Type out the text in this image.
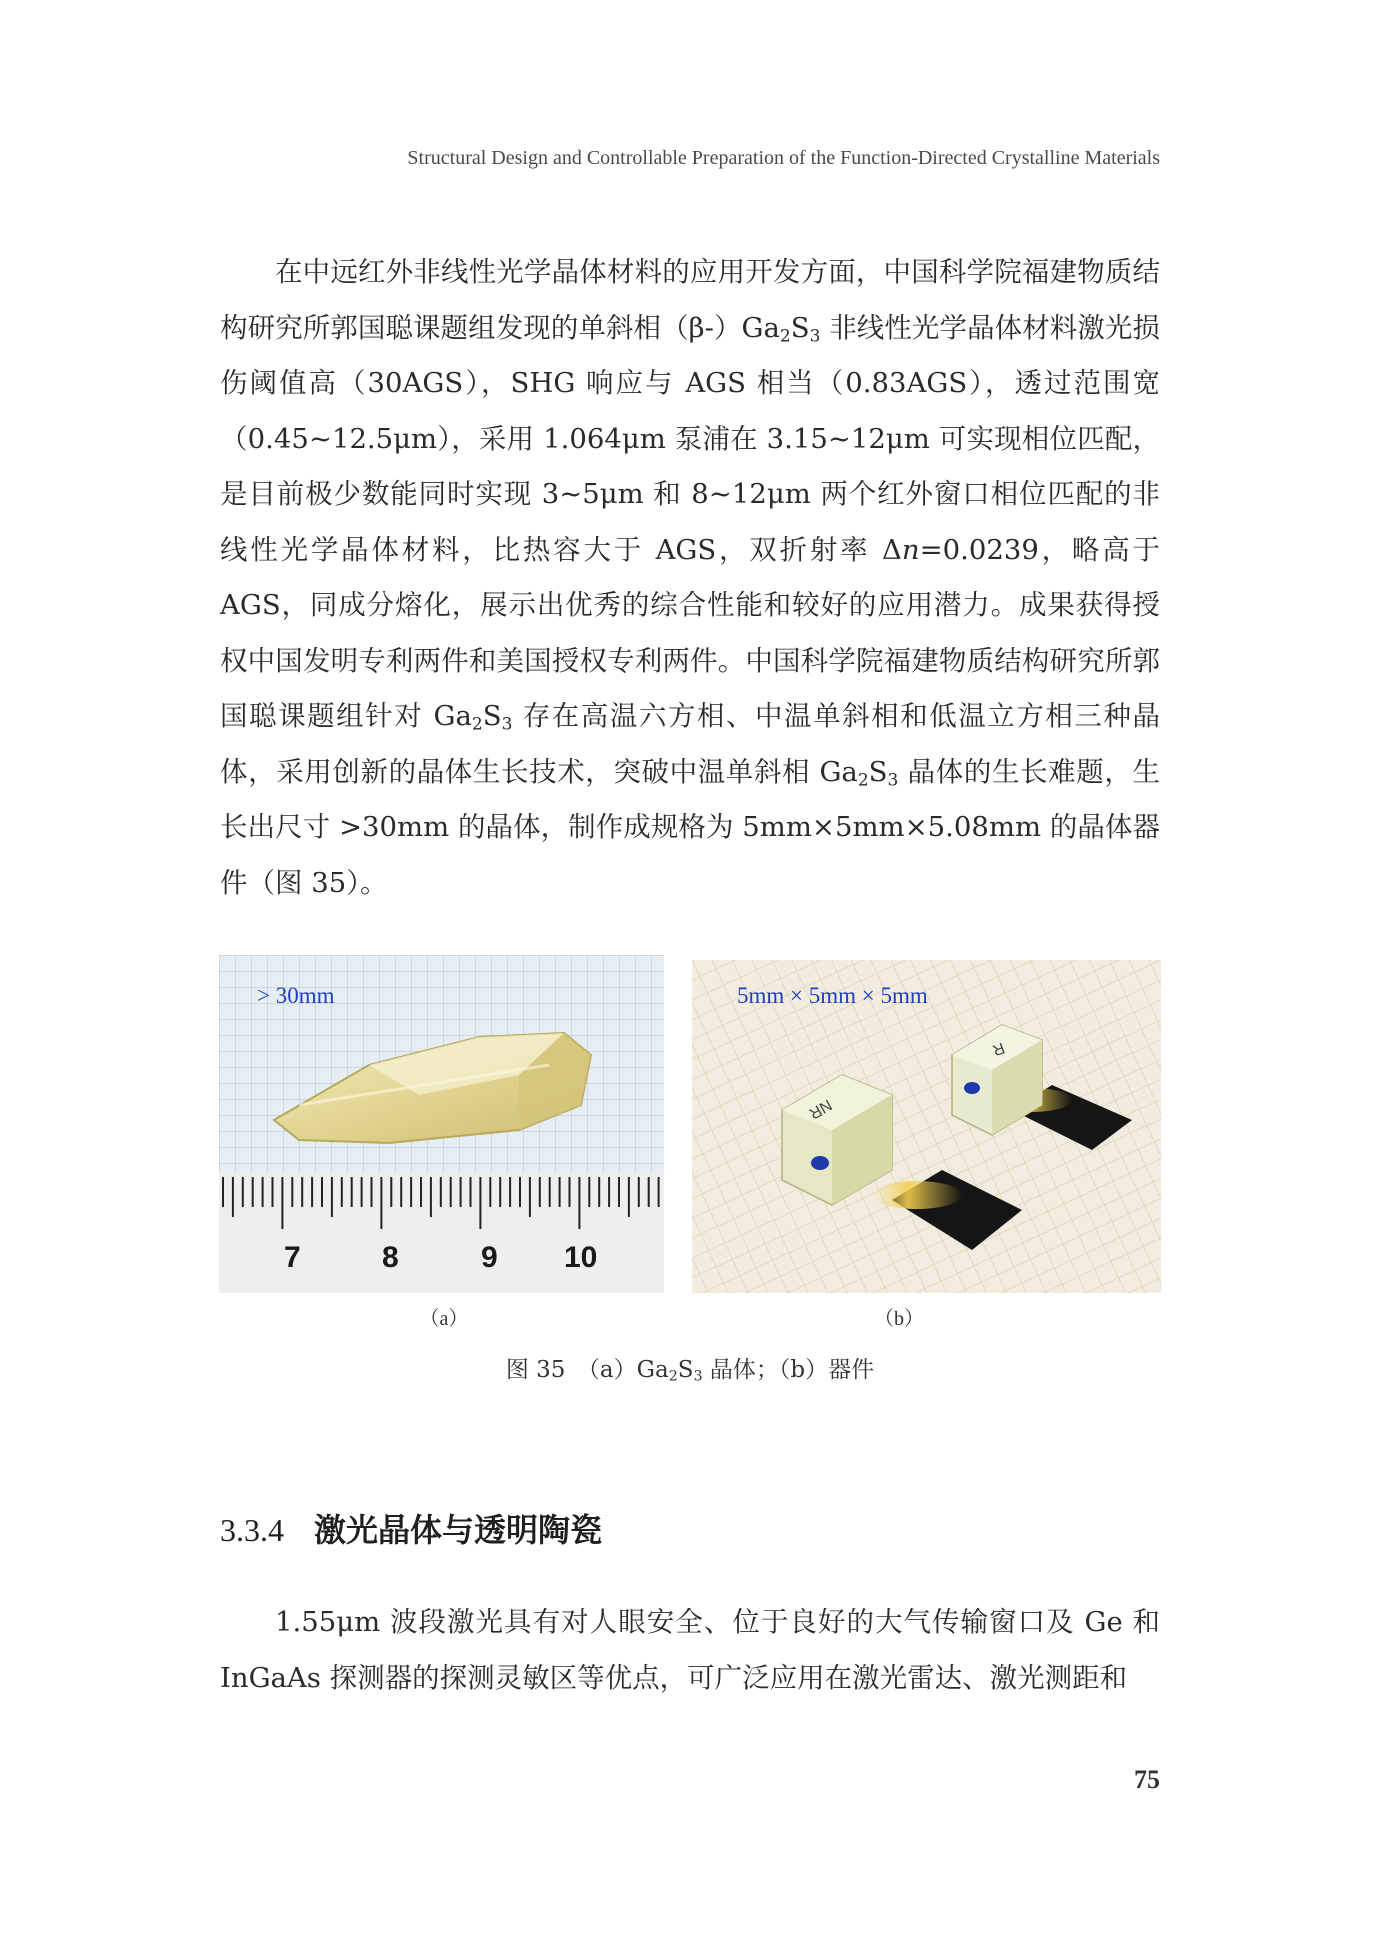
Structural Design and Controllable Preparation of the Function-Directed Crystalline Materials

在中远红外非线性光学晶体材料的应用开发方面，中国科学院福建物质结构研究所郭国聪课题组发现的单斜相$(\beta-)Ga_2S_3$ 非线性光学晶体材料激光损伤阈值高（30AGS），SHG 响应与 AGS 相当（0.83AGS），透过范围宽（0.45~12.5μm），采用 1.064μm 泵浦在 3.15~12μm 可实现相位匹配，是目前极少数能同时实现 3~5μm 和 8~12μm 两个红外窗口相位匹配的非线性光学晶体材料，比热容大于 AGS，双折射率 Δn=0.0239，略高于 AGS，同成分熔化，展示出优秀的综合性能和较好的应用潜力。成果获得授权中国发明专利两件和美国授权专利两件。中国科学院福建物质结构研究所郭国聪课题组针对 $Ga_2S_3$ 存在高温六方相、中温单斜相和低温立方相三种晶体，采用创新的晶体生长技术，突破中温单斜相 $Ga_2S_3$ 晶体的生长难题，生长出尺寸 >30mm 的晶体，制作成规格为 5mm×5mm×5.08mm 的晶体器件（图 35）。

7	8	9 10
> 30mm
NR
R
5mm × 5mm × 5mm
（a）	（b）
图 35　$(a)Ga_2S_3$ 晶体；（b）器件
3.3.4 激光晶体与透明陶瓷

1.55μm 波段激光具有对人眼安全、位于良好的大气传输窗口及 Ge 和 InGaAs 探测器的探测灵敏区等优点，可广泛应用在激光雷达、激光测距和

75
